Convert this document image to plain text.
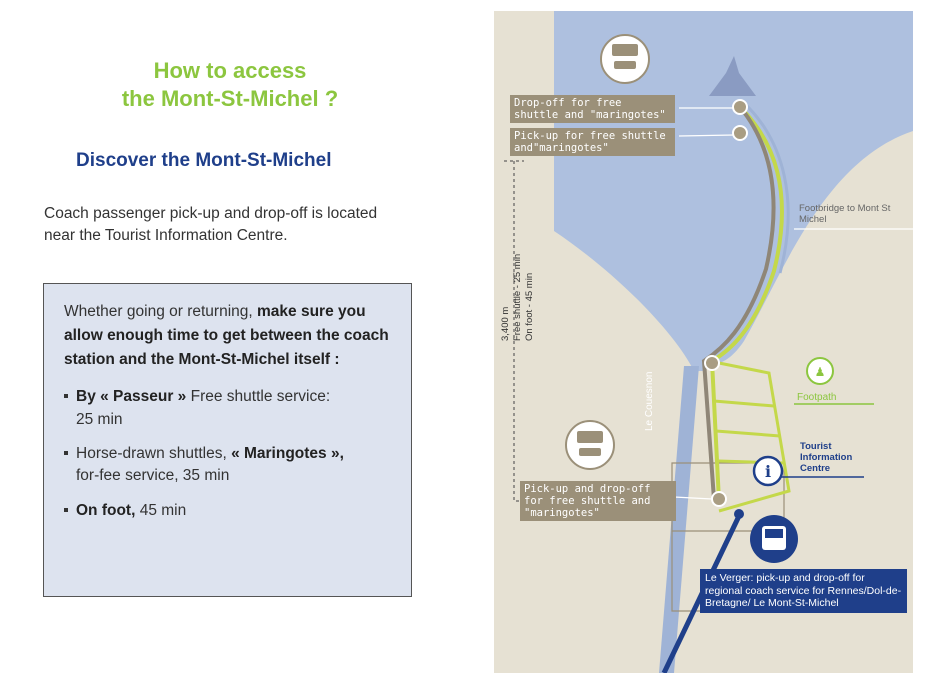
How to access
the Mont-St-Michel ?
Discover the Mont-St-Michel

Coach passenger pick-up and drop-off is located near the Tourist Information Centre.

Whether going or returning, make sure you allow enough time to get between the coach station and the Mont-St-Michel itself :

By « Passeur » Free shuttle service:
25 min
Horse-drawn shuttles, « Maringotes »,
for-fee service, 35 min
On foot, 45 min
♟
i
Drop-off for free shuttle and "maringotes"
Pick-up for free shuttle and"maringotes"
Pick-up and drop-off for free shuttle and "maringotes"
Footbridge to Mont St Michel
Footpath
Tourist Information Centre
Le Couesnon
3,400 m
Free shuttle - 25 min
On foot - 45 min
Le Verger: pick-up and drop-off for regional coach service for Rennes/Dol-de-Bretagne/ Le Mont-St-Michel
